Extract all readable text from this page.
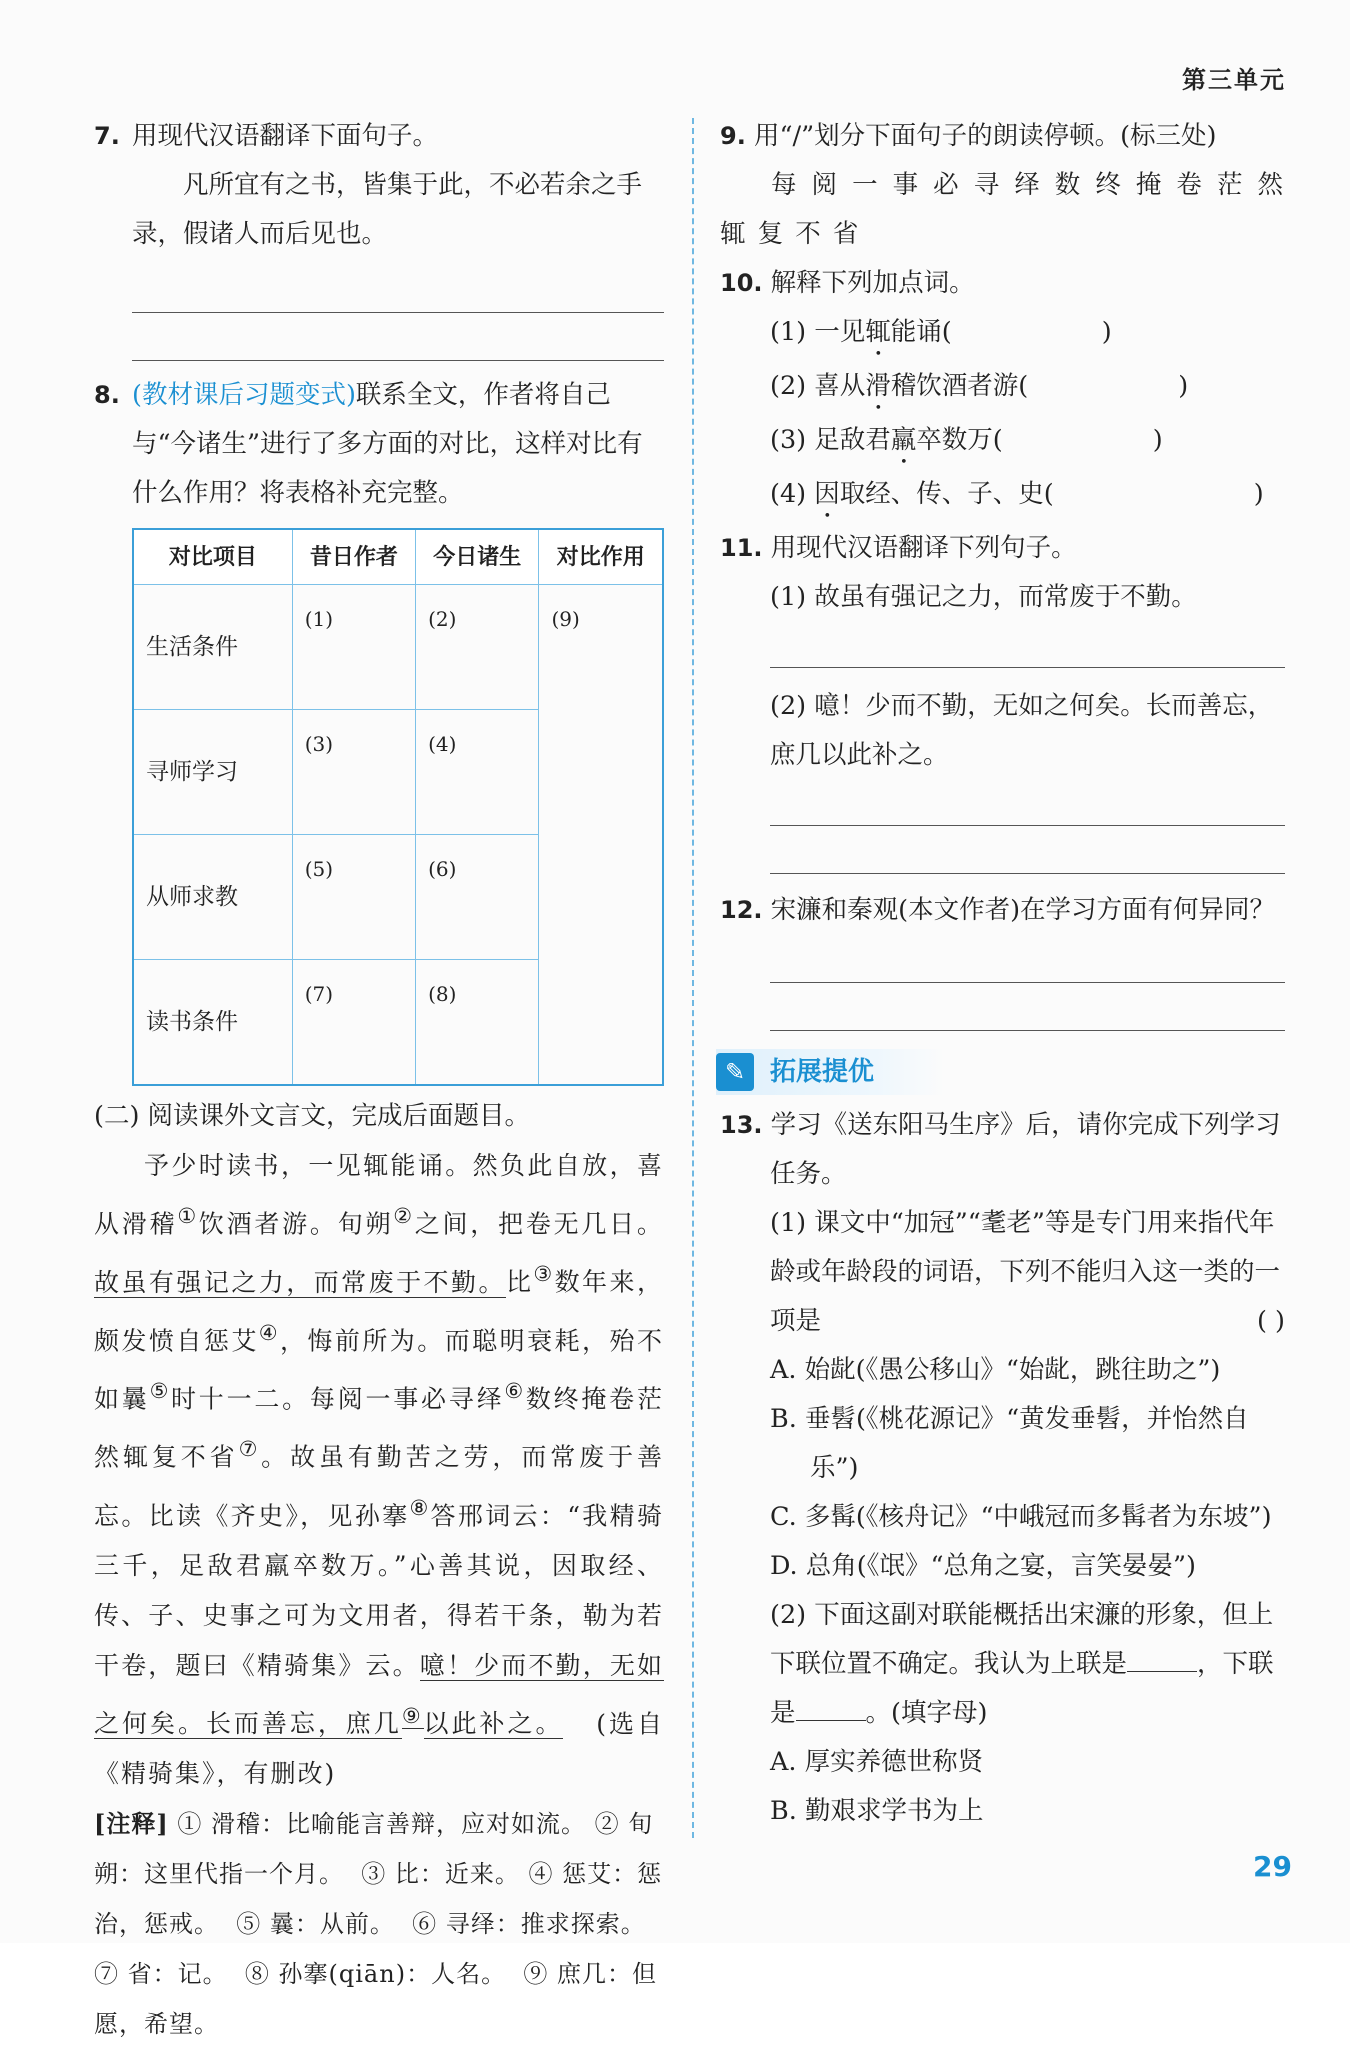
第三单元
7. 用现代汉语翻译下面句子。

凡所宜有之书，皆集于此，不必若余之手录，假诸人而后见也。

8. (教材课后习题变式)联系全文，作者将自己与“今诸生”进行了多方面的对比，这样对比有什么作用？将表格补充完整。

对比项目	昔日作者	今日诸生	对比作用
生活条件	(1)	(2)	(9)
寻师学习	(3)	(4)	
从师求教	(5)	(6)	
读书条件	(7)	(8)	

(二) 阅读课外文言文，完成后面题目。

予少时读书，一见辄能诵。然负此自放，喜从滑稽①饮酒者游。旬朔②之间，把卷无几日。故虽有强记之力，而常废于不勤。比③数年来，颇发愤自惩艾④，悔前所为。而聪明衰耗，殆不如曩⑤时十一二。每阅一事必寻绎⑥数终掩卷茫然辄复不省⑦。故虽有勤苦之劳，而常废于善忘。比读《齐史》，见孙搴⑧答邢词云：“我精骑三千，足敌君羸卒数万。”心善其说，因取经、传、子、史事之可为文用者，得若干条，勒为若干卷，题曰《精骑集》云。噫！少而不勤，无如之何矣。长而善忘，庶几⑨以此补之。 (选自《精骑集》，有删改)

[注释] ① 滑稽：比喻能言善辩，应对如流。 ② 旬朔：这里代指一个月。 ③ 比：近来。 ④ 惩艾：惩治，惩戒。 ⑤ 曩：从前。 ⑥ 寻绎：推求探索。  ⑦ 省：记。 ⑧ 孙搴(qiān)：人名。 ⑨ 庶几：但愿，希望。

9. 用“/”划分下面句子的朗读停顿。(标三处)

每 阅 一 事 必 寻 绎 数 终 掩 卷 茫 然 辄 复 不 省

10. 解释下列加点词。

(1) 一见辄能诵(	)

(2) 喜从滑稽饮酒者游(	)

(3) 足敌君羸卒数万(	)

(4) 因取经、传、子、史(	)

11. 用现代汉语翻译下列句子。

(1) 故虽有强记之力，而常废于不勤。

(2) 噫！少而不勤，无如之何矣。长而善忘，庶几以此补之。

12. 宋濂和秦观(本文作者)在学习方面有何异同？

✎ 拓展提优

13. 学习《送东阳马生序》后，请你完成下列学习任务。

(1) 课文中“加冠”“耄老”等是专门用来指代年龄或年龄段的词语，下列不能归入这一类的一项是	( )

A. 始龀(《愚公移山》“始龀，跳往助之”)

B. 垂髫(《桃花源记》“黄发垂髫，并怡然自乐”)

C. 多髯(《核舟记》“中峨冠而多髯者为东坡”)

D. 总角(《氓》“总角之宴，言笑晏晏”)

(2) 下面这副对联能概括出宋濂的形象，但上下联位置不确定。我认为上联是	，下联是	。(填字母)

A. 厚实养德世称贤

B. 勤艰求学书为上

29
